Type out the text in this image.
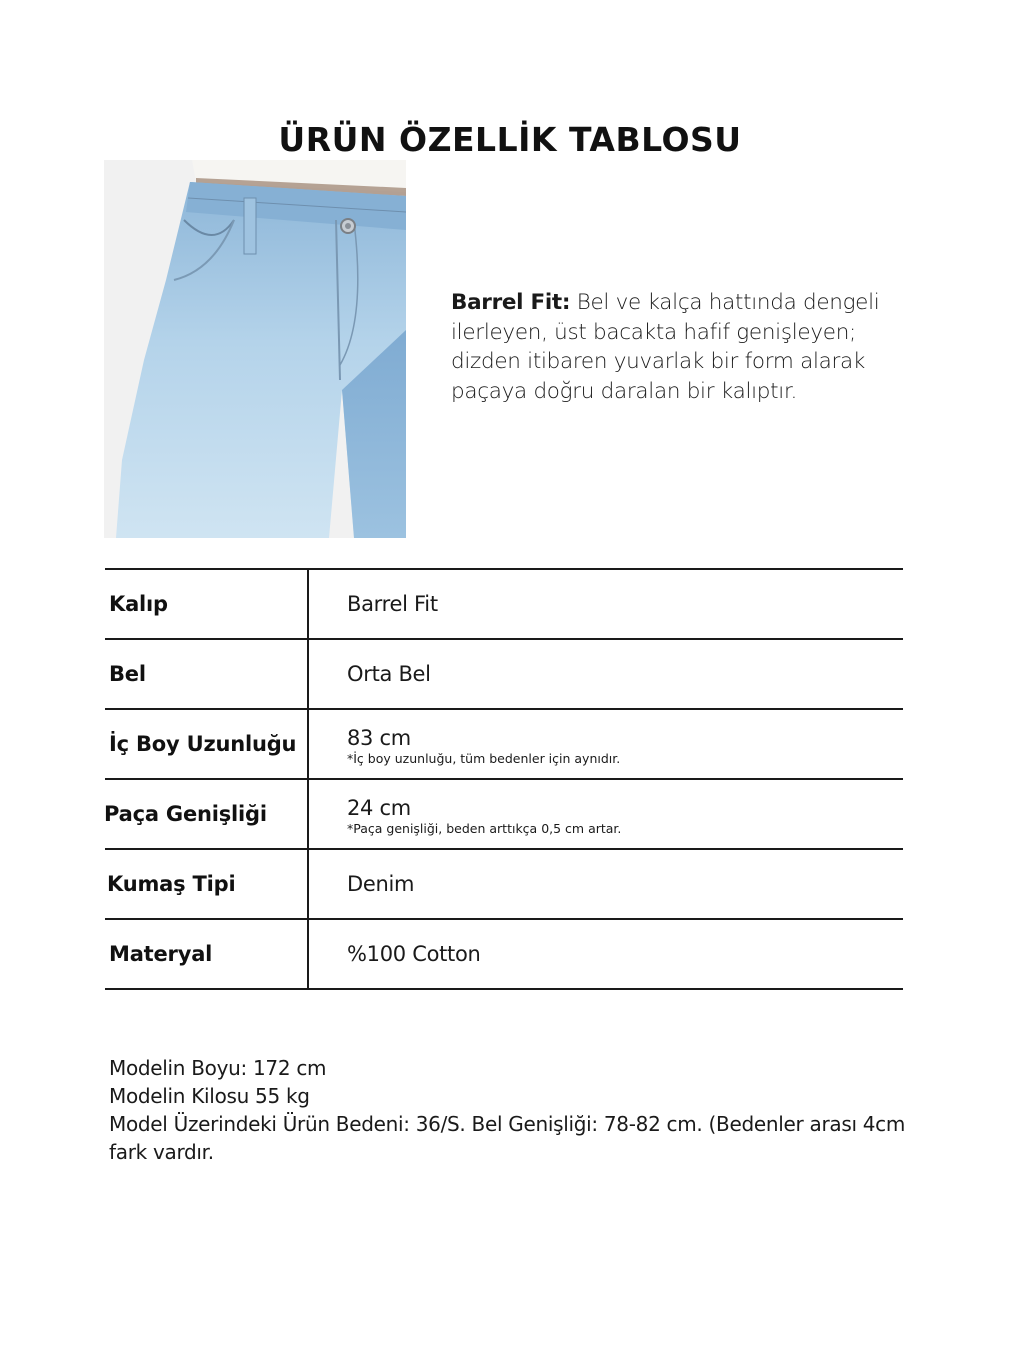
ÜRÜN ÖZELLİK TABLOSU
Barrel Fit: Bel ve kalça hattında dengeli ilerleyen, üst bacakta hafif genişleyen; dizden itibaren yuvarlak bir form alarak paçaya doğru daralan bir kalıptır.
Kalıp	Barrel Fit
Bel	Orta Bel
İç Boy Uzunluğu 83 cm
*İç boy uzunluğu, tüm bedenler için aynıdır.
Paça Genişliği	24 cm
*Paça genişliği, beden arttıkça 0,5 cm artar.
Kumaş Tipi	Denim
Materyal	%100 Cotton
Modelin Boyu: 172 cm
Modelin Kilosu 55 kg
Model Üzerindeki Ürün Bedeni: 36/S. Bel Genişliği: 78-82 cm. (Bedenler arası 4cm fark vardır.
